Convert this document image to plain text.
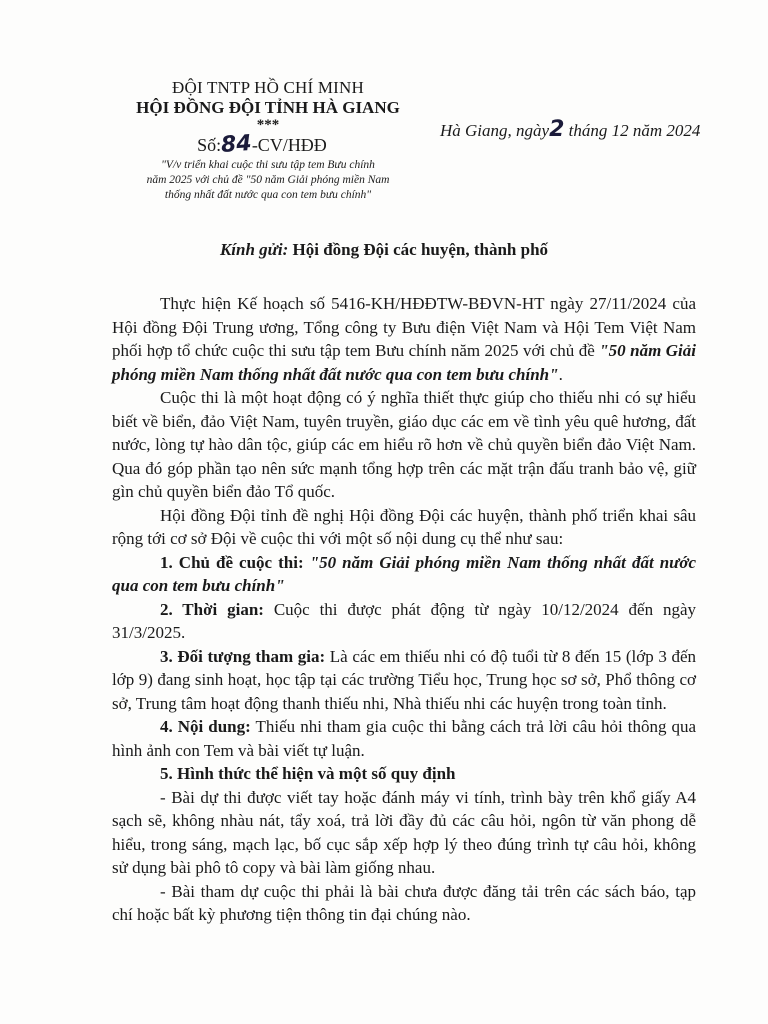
ĐỘI TNTP HỒ CHÍ MINH
HỘI ĐỒNG ĐỘI TỈNH HÀ GIANG
***
Số:84-CV/HĐĐ
"V/v triển khai cuộc thi sưu tập tem Bưu chính
năm 2025 với chủ đề "50 năm Giải phóng miền Nam
thống nhất đất nước qua con tem bưu chính"
Hà Giang, ngày2 tháng 12 năm 2024
Kính gửi: Hội đồng Đội các huyện, thành phố

Thực hiện Kế hoạch số 5416-KH/HĐĐTW-BĐVN-HT ngày 27/11/2024 của Hội đồng Đội Trung ương, Tổng công ty Bưu điện Việt Nam và Hội Tem Việt Nam phối hợp tổ chức cuộc thi sưu tập tem Bưu chính năm 2025 với chủ đề "50 năm Giải phóng miền Nam thống nhất đất nước qua con tem bưu chính".

Cuộc thi là một hoạt động có ý nghĩa thiết thực giúp cho thiếu nhi có sự hiểu biết về biển, đảo Việt Nam, tuyên truyền, giáo dục các em về tình yêu quê hương, đất nước, lòng tự hào dân tộc, giúp các em hiểu rõ hơn về chủ quyền biển đảo Việt Nam. Qua đó góp phần tạo nên sức mạnh tổng hợp trên các mặt trận đấu tranh bảo vệ, giữ gìn chủ quyền biển đảo Tổ quốc.

Hội đồng Đội tỉnh đề nghị Hội đồng Đội các huyện, thành phố triển khai sâu rộng tới cơ sở Đội về cuộc thi với một số nội dung cụ thể như sau:

1. Chủ đề cuộc thi: "50 năm Giải phóng miền Nam thống nhất đất nước qua con tem bưu chính"

2. Thời gian: Cuộc thi được phát động từ ngày 10/12/2024 đến ngày 31/3/2025.

3. Đối tượng tham gia: Là các em thiếu nhi có độ tuổi từ 8 đến 15 (lớp 3 đến lớp 9) đang sinh hoạt, học tập tại các trường Tiểu học, Trung học sơ sở, Phổ thông cơ sở, Trung tâm hoạt động thanh thiếu nhi, Nhà thiếu nhi các huyện trong toàn tỉnh.

4. Nội dung: Thiếu nhi tham gia cuộc thi bằng cách trả lời câu hỏi thông qua hình ảnh con Tem và bài viết tự luận.

5. Hình thức thể hiện và một số quy định

- Bài dự thi được viết tay hoặc đánh máy vi tính, trình bày trên khổ giấy A4 sạch sẽ, không nhàu nát, tẩy xoá, trả lời đầy đủ các câu hỏi, ngôn từ văn phong dễ hiểu, trong sáng, mạch lạc, bố cục sắp xếp hợp lý theo đúng trình tự câu hỏi, không sử dụng bài phô tô copy và bài làm giống nhau.

- Bài tham dự cuộc thi phải là bài chưa được đăng tải trên các sách báo, tạp chí hoặc bất kỳ phương tiện thông tin đại chúng nào.
